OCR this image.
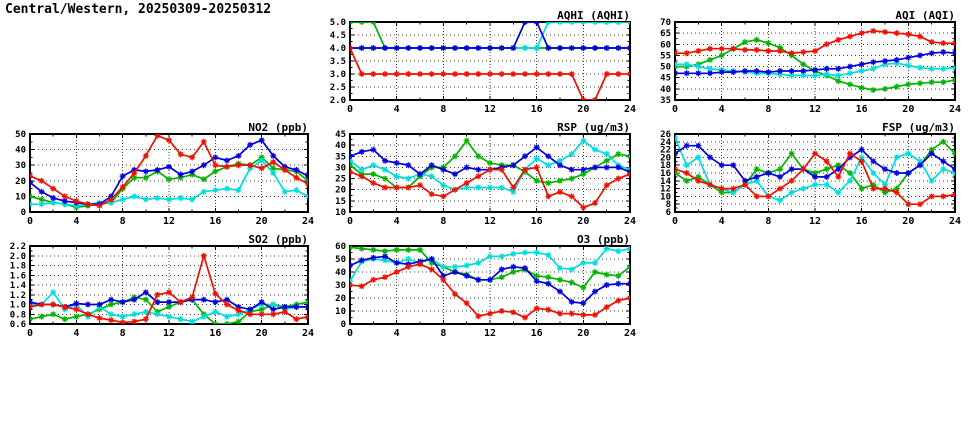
Central/Western, 20250309-20250312
2.0
2.5
3.0
3.5
4.0
4.5
5.0
0	4	8	12	16	20	24
AQHI (AQHI)
35
40
45
50
55
60
65
70
0	4	8	12	16	20	24
AQI (AQI)
0
10
20
30
40
50
0	4	8	12	16	20	24
NO2 (ppb)
10
15
20
25
30
35
40
45
0	4	8	12	16	20	24
RSP (ug/m3)
6
8
10
12
14
16
18
20
22
24
26
0	4	8	12	16	20	24
FSP (ug/m3)
0.6
0.8
1.0
1.2
1.4
1.6
1.8
2.0
2.2
0	4	8	12	16	20	24
SO2 (ppb)
0
10
20
30
40
50
60
0	4	8	12	16	20	24
O3 (ppb)
